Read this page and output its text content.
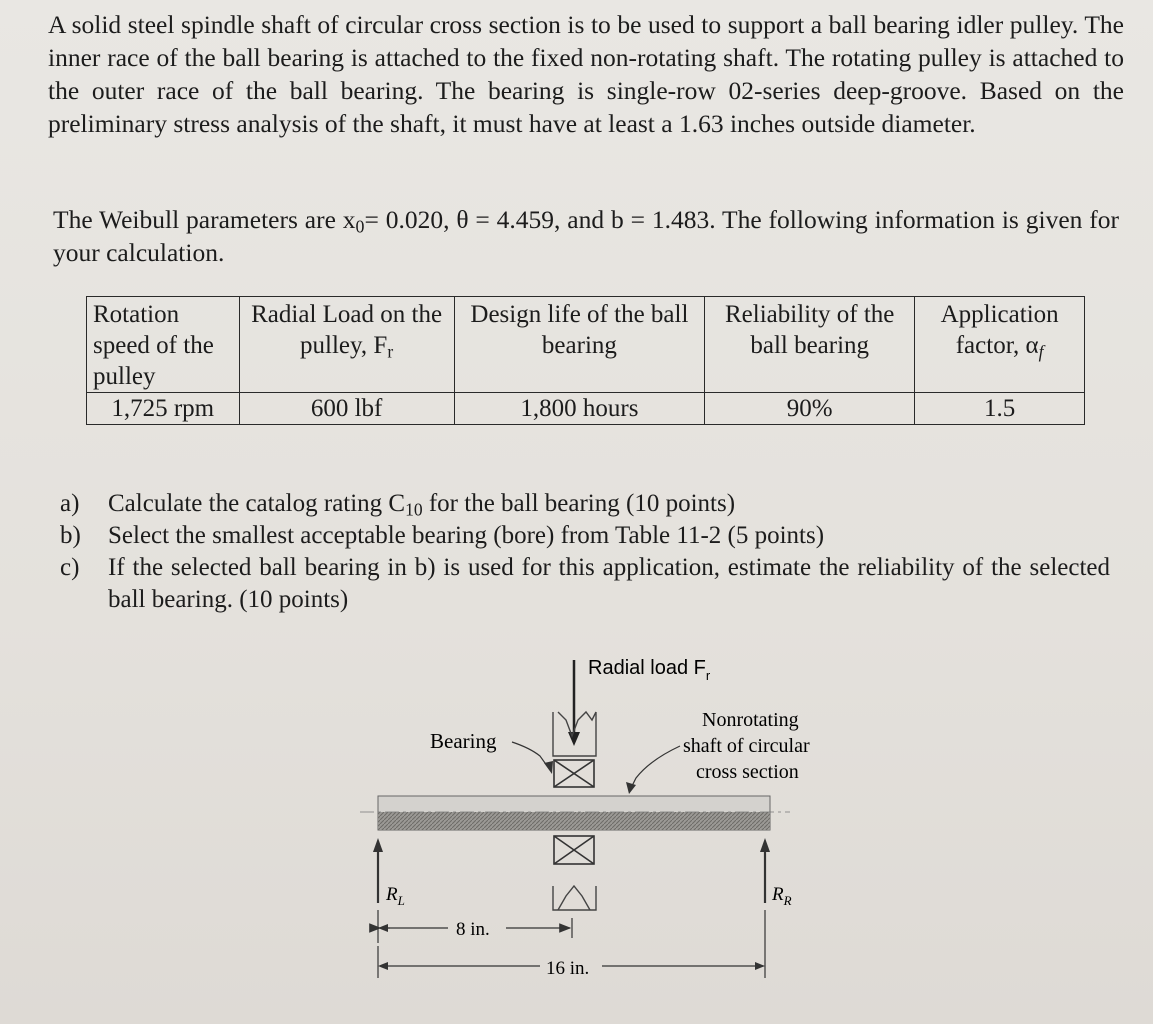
A solid steel spindle shaft of circular cross section is to be used to support a ball bearing idler pulley. The inner race of the ball bearing is attached to the fixed non-rotating shaft. The rotating pulley is attached to the outer race of the ball bearing. The bearing is single-row 02-series deep-groove. Based on the preliminary stress analysis of the shaft, it must have at least a 1.63 inches outside diameter.

The Weibull parameters are $x_0= 0.020$, θ = 4.459, and b = 1.483. The following information is given for your calculation.

Rotation speed of the pulley	Radial Load on the pulley, $F_r$	Design life of the ball bearing	Reliability of the ball bearing	Application factor, $\alpha_f$
1,725 rpm	600 lbf	1,800 hours	90%	1.5
a) Calculate the catalog rating $C_{10}$ for the ball bearing (10 points)
b) Select the smallest acceptable bearing (bore) from Table 11-2 (5 points)
c) If the selected ball bearing in b) is used for this application, estimate the reliability of the selected ball bearing. (10 points)
Radial load $F_r$
$R_L$	$R_R$
Bearing
Nonrotating shaft of circular cross section
8 in.
16 in.
